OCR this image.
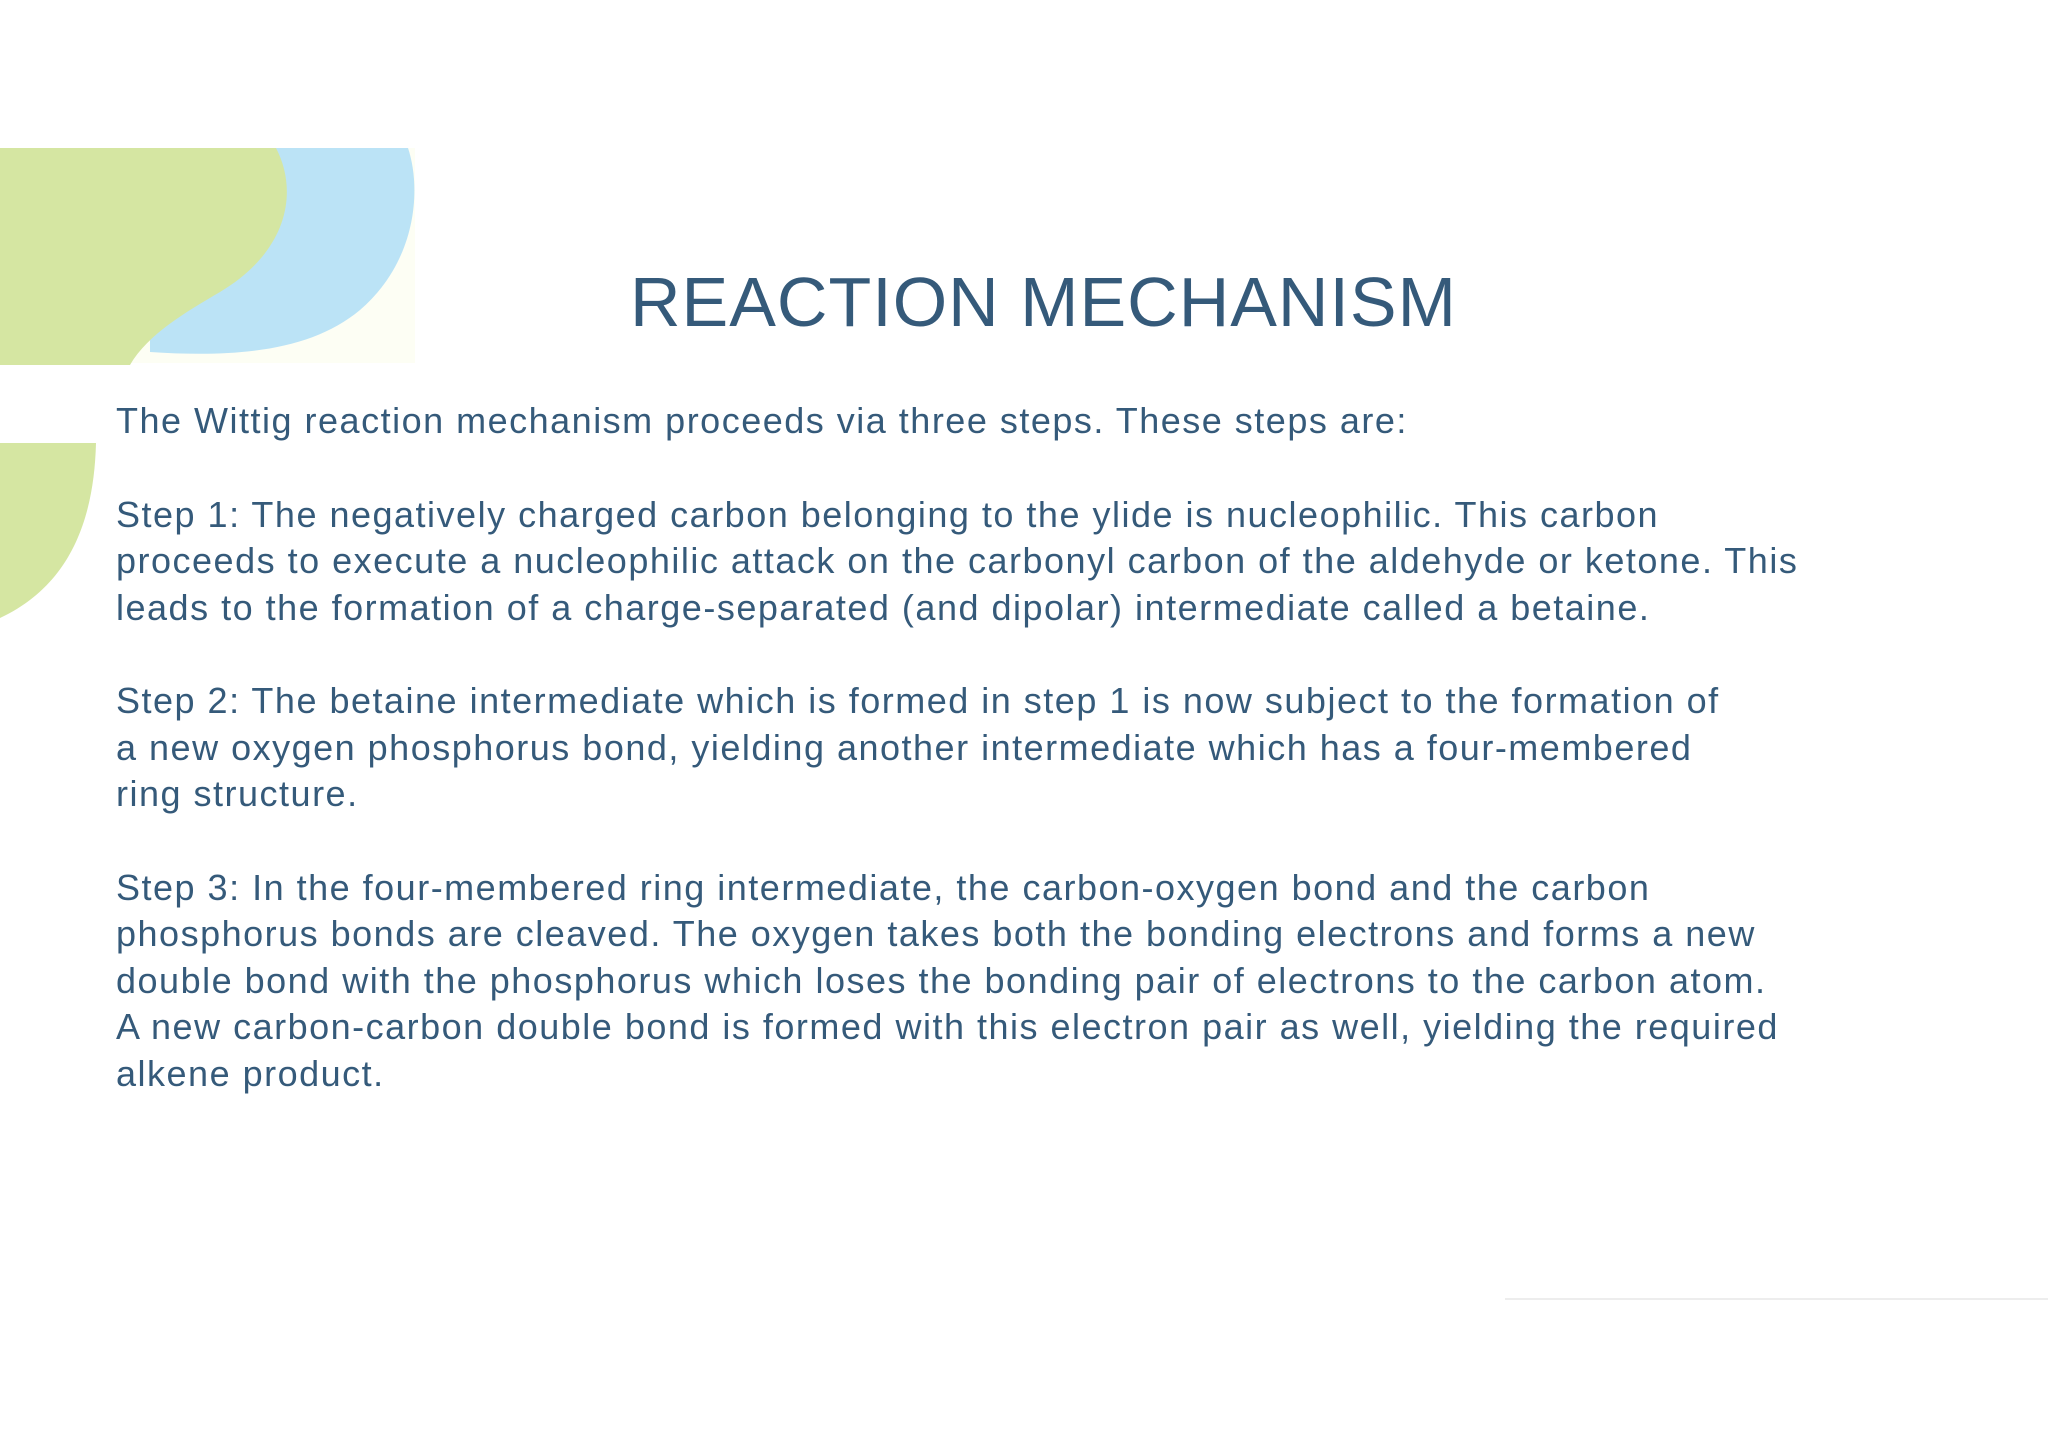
REACTION MECHANISM

The Wittig reaction mechanism proceeds via three steps. These steps are:

Step 1: The negatively charged carbon belonging to the ylide is nucleophilic. This carbon
proceeds to execute a nucleophilic attack on the carbonyl carbon of the aldehyde or ketone. This
leads to the formation of a charge-separated (and dipolar) intermediate called a betaine.

Step 2: The betaine intermediate which is formed in step 1 is now subject to the formation of
a new oxygen phosphorus bond, yielding another intermediate which has a four-membered
ring structure.

Step 3: In the four-membered ring intermediate, the carbon-oxygen bond and the carbon
phosphorus bonds are cleaved. The oxygen takes both the bonding electrons and forms a new
double bond with the phosphorus which loses the bonding pair of electrons to the carbon atom.
A new carbon-carbon double bond is formed with this electron pair as well, yielding the required
alkene product.
